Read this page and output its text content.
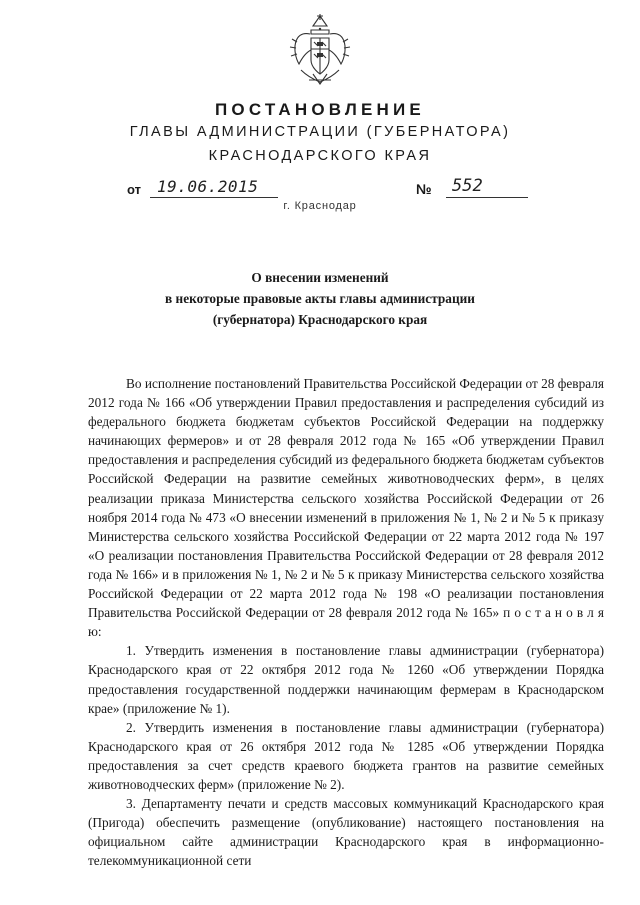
ПОСТАНОВЛЕНИЕ
ГЛАВЫ АДМИНИСТРАЦИИ (ГУБЕРНАТОРА)
КРАСНОДАРСКОГО КРАЯ
от 19.06.2015	№ 552
г. Краснодар
О внесении изменений
в некоторые правовые акты главы администрации
(губернатора) Краснодарского края

Во исполнение постановлений Правительства Российской Федерации от 28 февраля 2012 года № 166 «Об утверждении Правил предоставления и распределения субсидий из федерального бюджета бюджетам субъектов Российской Федерации на поддержку начинающих фермеров» и от 28 февраля 2012 года № 165 «Об утверждении Правил предоставления и распределения субсидий из федерального бюджета бюджетам субъектов Российской Федерации на развитие семейных животноводческих ферм», в целях реализации приказа Министерства сельского хозяйства Российской Федерации от 26 ноября 2014 года № 473 «О внесении изменений в приложения № 1, № 2 и № 5 к приказу Министерства сельского хозяйства Российской Федерации от 22 марта 2012 года № 197 «О реализации постановления Правительства Российской Федерации от 28 февраля 2012 года № 166» и в приложения № 1, № 2 и № 5 к приказу Министерства сельского хозяйства Российской Федерации от 22 марта 2012 года № 198 «О реализации постановления Правительства Российской Федерации от 28 февраля 2012 года № 165» п о с т а н о в л я ю:

1. Утвердить изменения в постановление главы администрации (губернатора) Краснодарского края от 22 октября 2012 года № 1260 «Об утверждении Порядка предоставления государственной поддержки начинающим фермерам в Краснодарском крае» (приложение № 1).

2. Утвердить изменения в постановление главы администрации (губернатора) Краснодарского края от 26 октября 2012 года № 1285 «Об утверждении Порядка предоставления за счет средств краевого бюджета грантов на развитие семейных животноводческих ферм» (приложение № 2).

3. Департаменту печати и средств массовых коммуникаций Краснодарского края (Пригода) обеспечить размещение (опубликование) настоящего постановления на официальном сайте администрации Краснодарского края в информационно-телекоммуникационной сети
